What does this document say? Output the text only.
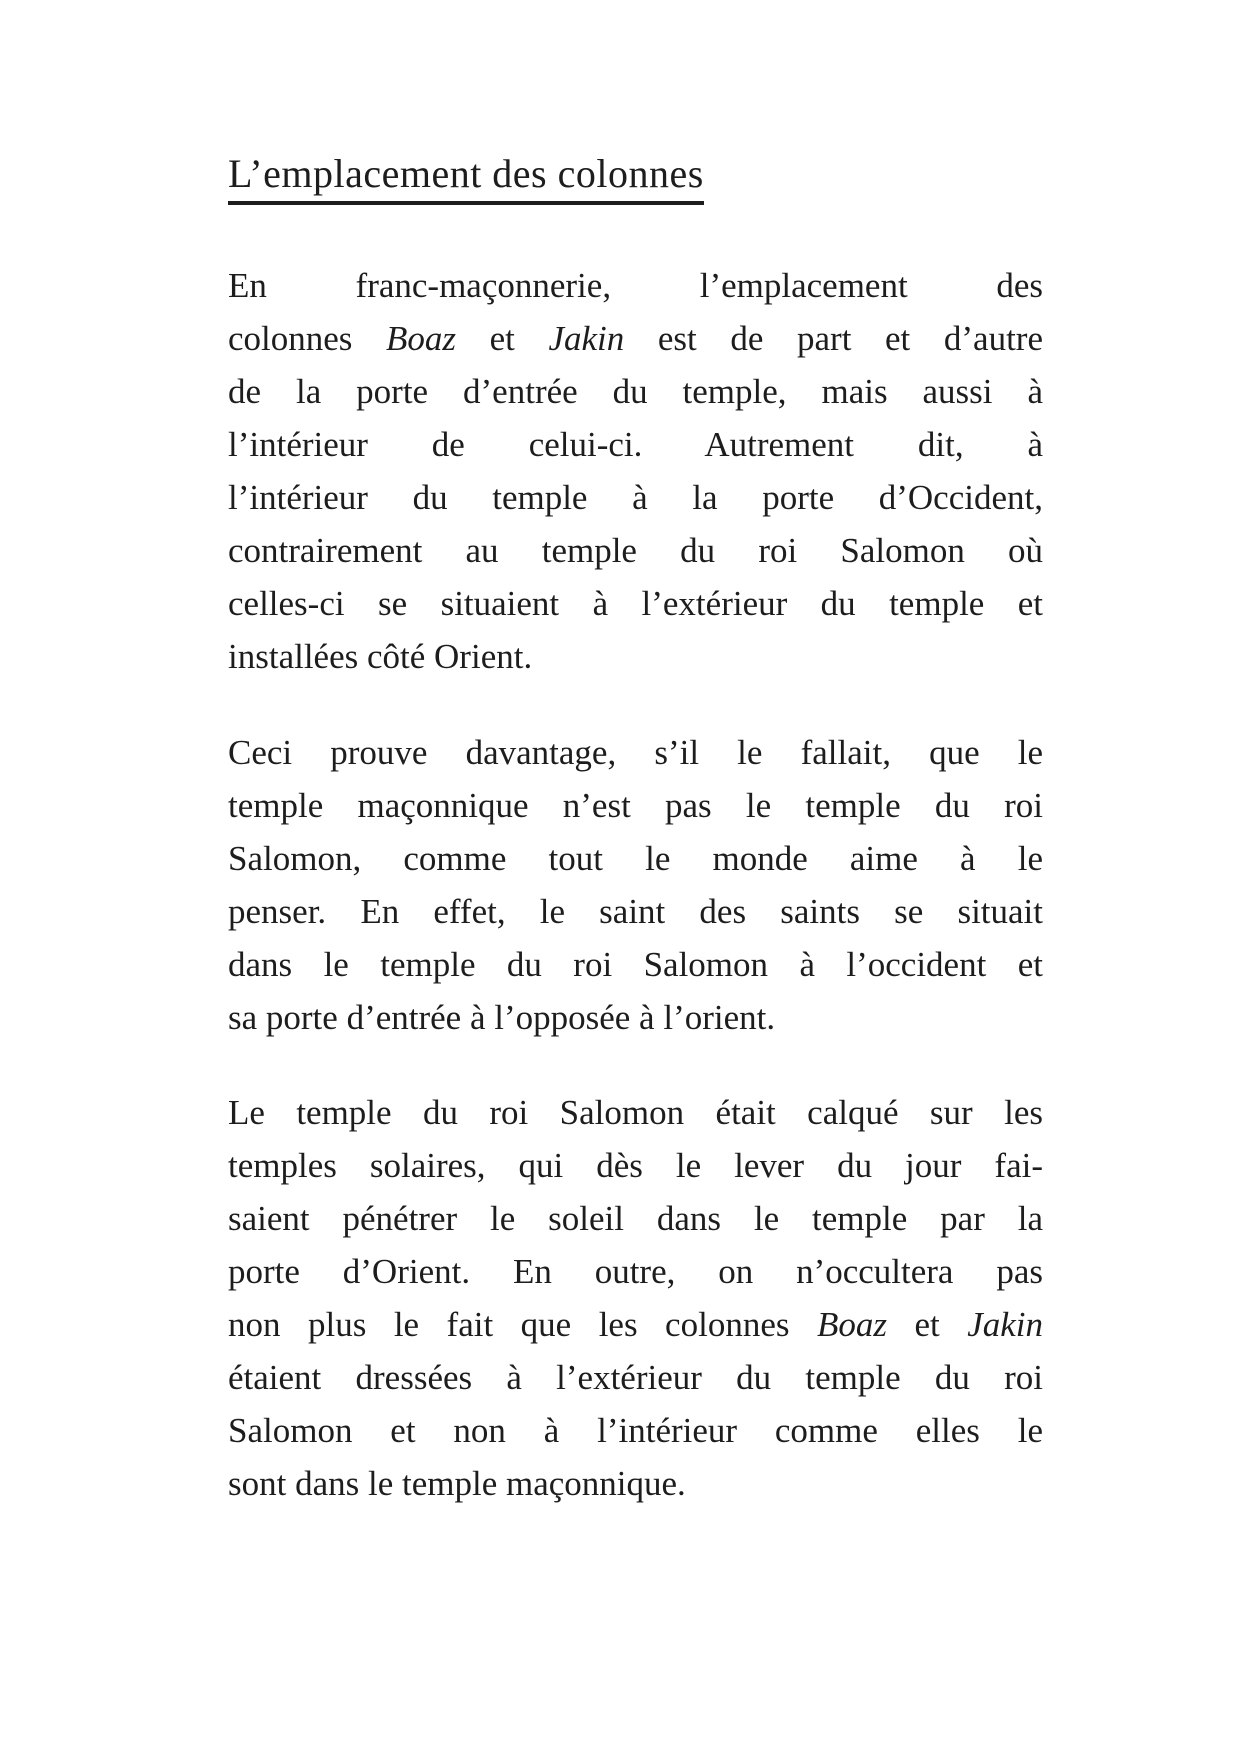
L’emplacement des colonnes
En franc-maçonnerie, l’emplacement des
colonnes Boaz et Jakin est de part et d’autre
de la porte d’entrée du temple, mais aussi à
l’intérieur de celui-ci. Autrement dit, à
l’intérieur du temple à la porte d’Occident,
contrairement au temple du roi Salomon où
celles-ci se situaient à l’extérieur du temple et
installées côté Orient.
Ceci prouve davantage, s’il le fallait, que le
temple maçonnique n’est pas le temple du roi
Salomon, comme tout le monde aime à le
penser. En effet, le saint des saints se situait
dans le temple du roi Salomon à l’occident et
sa porte d’entrée à l’opposée à l’orient.
Le temple du roi Salomon était calqué sur les
temples solaires, qui dès le lever du jour fai-
saient pénétrer le soleil dans le temple par la
porte d’Orient. En outre, on n’occultera pas
non plus le fait que les colonnes Boaz et Jakin
étaient dressées à l’extérieur du temple du roi
Salomon et non à l’intérieur comme elles le
sont dans le temple maçonnique.
